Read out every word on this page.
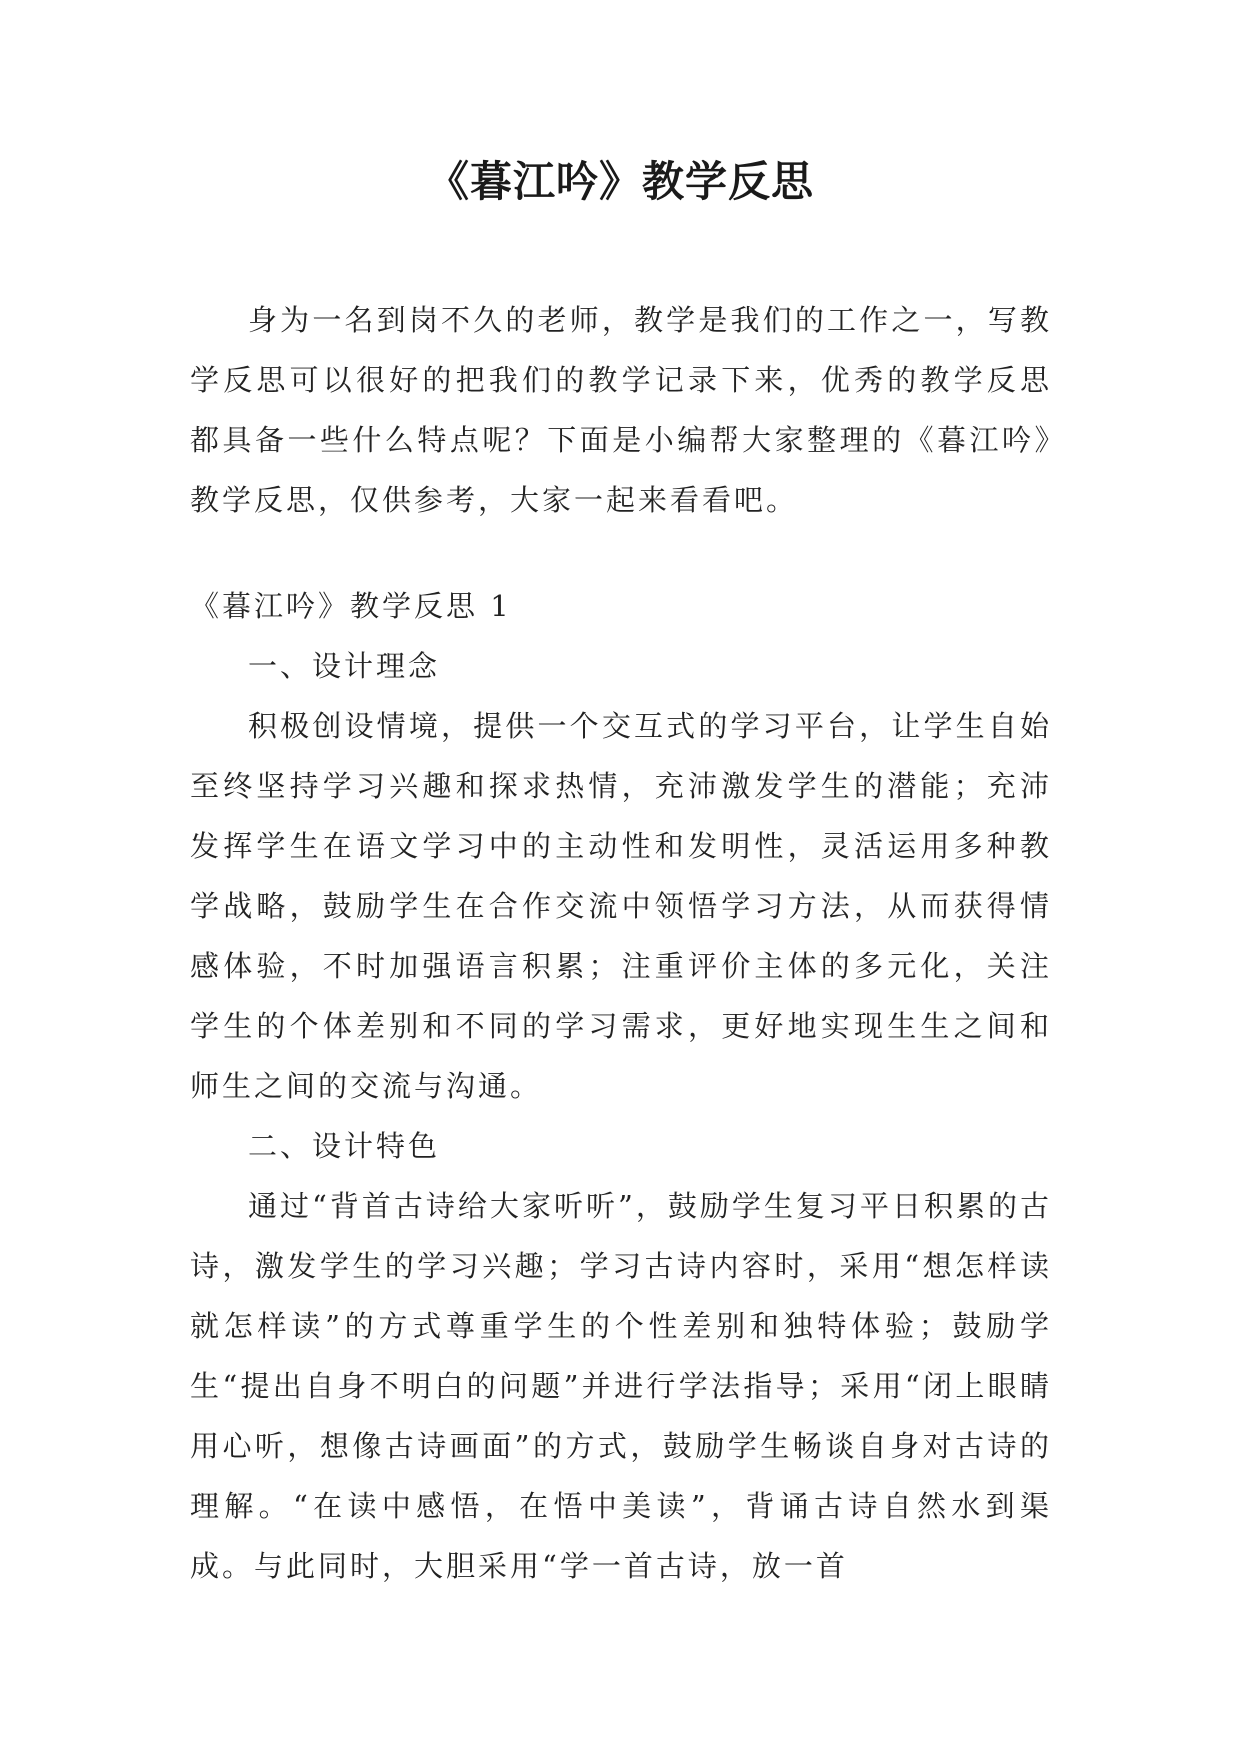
《暮江吟》教学反思

身为一名到岗不久的老师，教学是我们的工作之一，写教学反思可以很好的把我们的教学记录下来，优秀的教学反思都具备一些什么特点呢？下面是小编帮大家整理的《暮江吟》教学反思，仅供参考，大家一起来看看吧。

《暮江吟》教学反思 1

一、设计理念

积极创设情境，提供一个交互式的学习平台，让学生自始至终坚持学习兴趣和探求热情，充沛激发学生的潜能；充沛发挥学生在语文学习中的主动性和发明性，灵活运用多种教学战略，鼓励学生在合作交流中领悟学习方法，从而获得情感体验，不时加强语言积累；注重评价主体的多元化，关注学生的个体差别和不同的学习需求，更好地实现生生之间和师生之间的交流与沟通。

二、设计特色

通过“背首古诗给大家听听”，鼓励学生复习平日积累的古诗，激发学生的学习兴趣；学习古诗内容时，采用“想怎样读就怎样读”的方式尊重学生的个性差别和独特体验；鼓励学生“提出自身不明白的问题”并进行学法指导；采用“闭上眼睛用心听，想像古诗画面”的方式，鼓励学生畅谈自身对古诗的理解。“在读中感悟，在悟中美读”，背诵古诗自然水到渠成。与此同时，大胆采用“学一首古诗，放一首
